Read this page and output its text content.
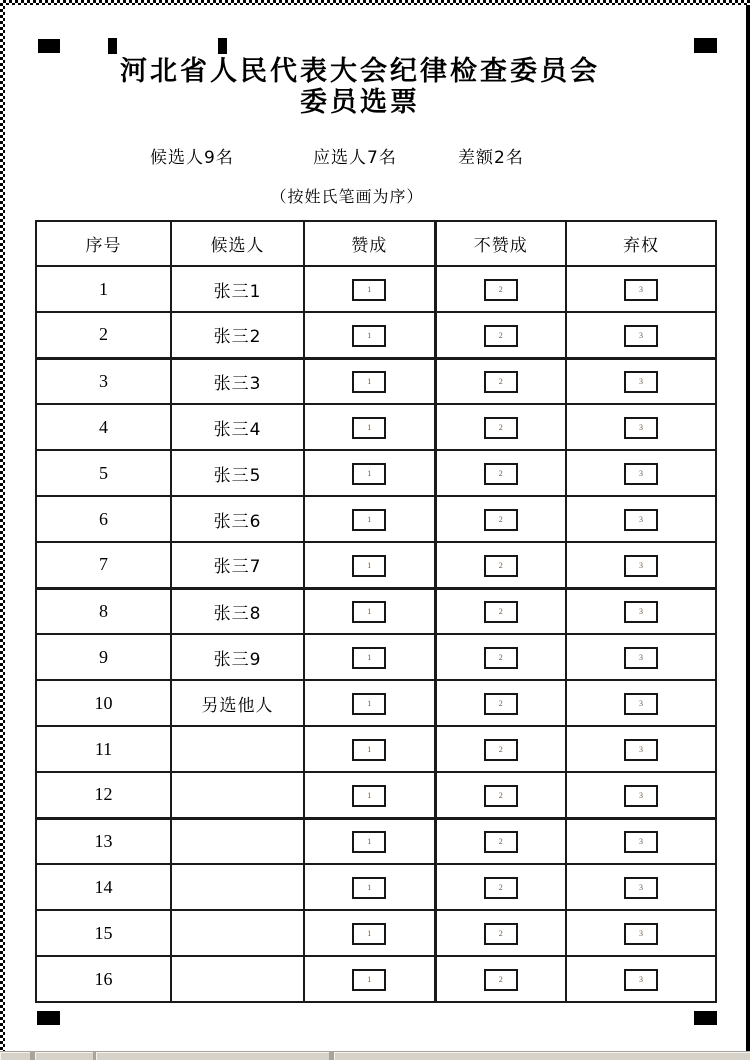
河北省人民代表大会纪律检查委员会
委员选票
候选人9名	应选人7名	差额2名
（按姓氏笔画为序）
序号	候选人	赞成	不赞成	弃权
1	张三1	1	2	3

2	张三2	1	2	3

3	张三3	1	2	3

4	张三4	1	2	3

5	张三5	1	2	3

6	张三6	1	2	3

7	张三7	1	2	3

8	张三8	1	2	3

9	张三9	1	2	3

10	另选他人	1	2	3

11		1	2	3

12		1	2	3

13		1	2	3

14		1	2	3

15		1	2	3

16		1	2	3
